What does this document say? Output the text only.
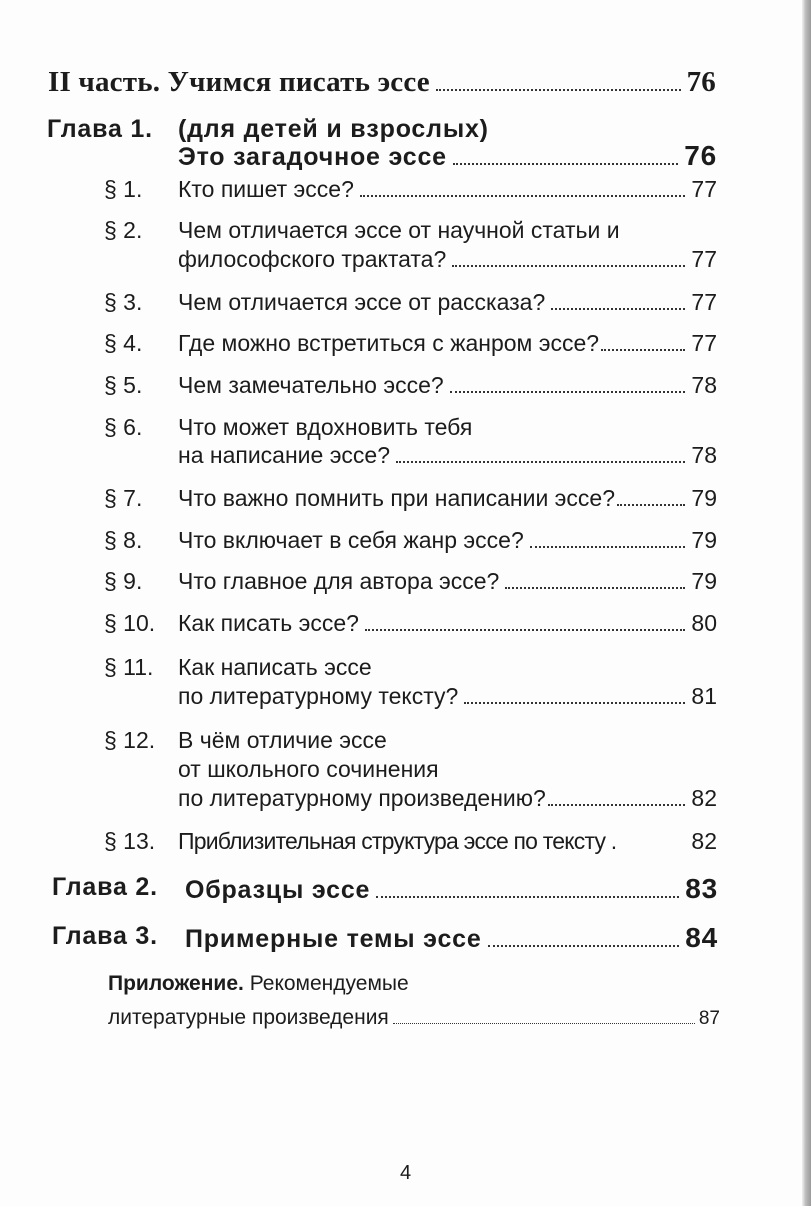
II часть. Учимся писать эссе	76
Глава 1. (для детей и взрослых)
Это загадочное эссе	76
§ 1. Кто пишет эссе?	77
§ 2. Чем отличается эссе от научной статьи и
философского трактата?	77
§ 3. Чем отличается эссе от рассказа?	77
§ 4. Где можно встретиться с жанром эссе?	77
§ 5. Чем замечательно эссе?	78
§ 6. Что может вдохновить тебя
на написание эссе?	78
§ 7. Что важно помнить при написании эссе?	79
§ 8. Что включает в себя жанр эссе?	79
§ 9. Что главное для автора эссе?	79
§ 10. Как писать эссе?	80
§ 11. Как написать эссе
по литературному тексту?	81
§ 12. В чём отличие эссе
от школьного сочинения
по литературному произведению?	82
§ 13. Приблизительная структура эссе по тексту .	82
Глава 2. Образцы эссе	83
Глава 3. Примерные темы эссе	84
Приложение. Рекомендуемые
литературные произведения	87
4
